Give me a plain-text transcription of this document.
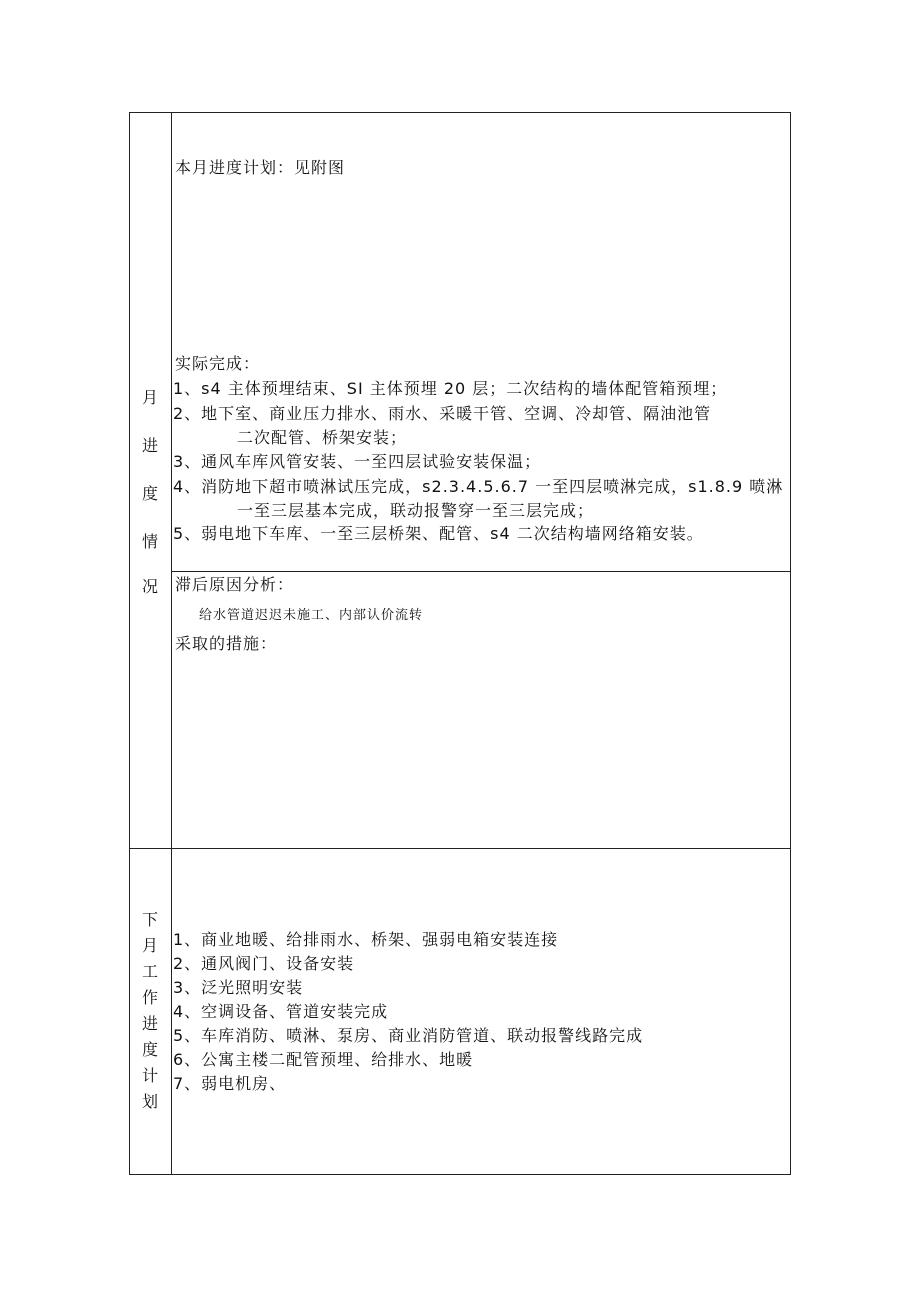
月
进
度
情
况
本月进度计划：见附图
实际完成：
1、s4 主体预埋结束、SI 主体预埋 20 层；二次结构的墙体配管箱预埋；
2、地下室、商业压力排水、雨水、采暖干管、空调、冷却管、隔油池管
二次配管、桥架安装；
3、通风车库风管安装、一至四层试验安装保温；
4、消防地下超市喷淋试压完成，s2.3.4.5.6.7 一至四层喷淋完成，s1.8.9 喷淋
一至三层基本完成，联动报警穿一至三层完成；
5、弱电地下车库、一至三层桥架、配管、s4 二次结构墙网络箱安装。
滞后原因分析：
给水管道迟迟未施工、内部认价流转
采取的措施：
下
月
工
作
进
度
计
划
1、商业地暖、给排雨水、桥架、强弱电箱安装连接
2、通风阀门、设备安装
3、泛光照明安装
4、空调设备、管道安装完成
5、车库消防、喷淋、泵房、商业消防管道、联动报警线路完成
6、公寓主楼二配管预埋、给排水、地暖
7、弱电机房、
